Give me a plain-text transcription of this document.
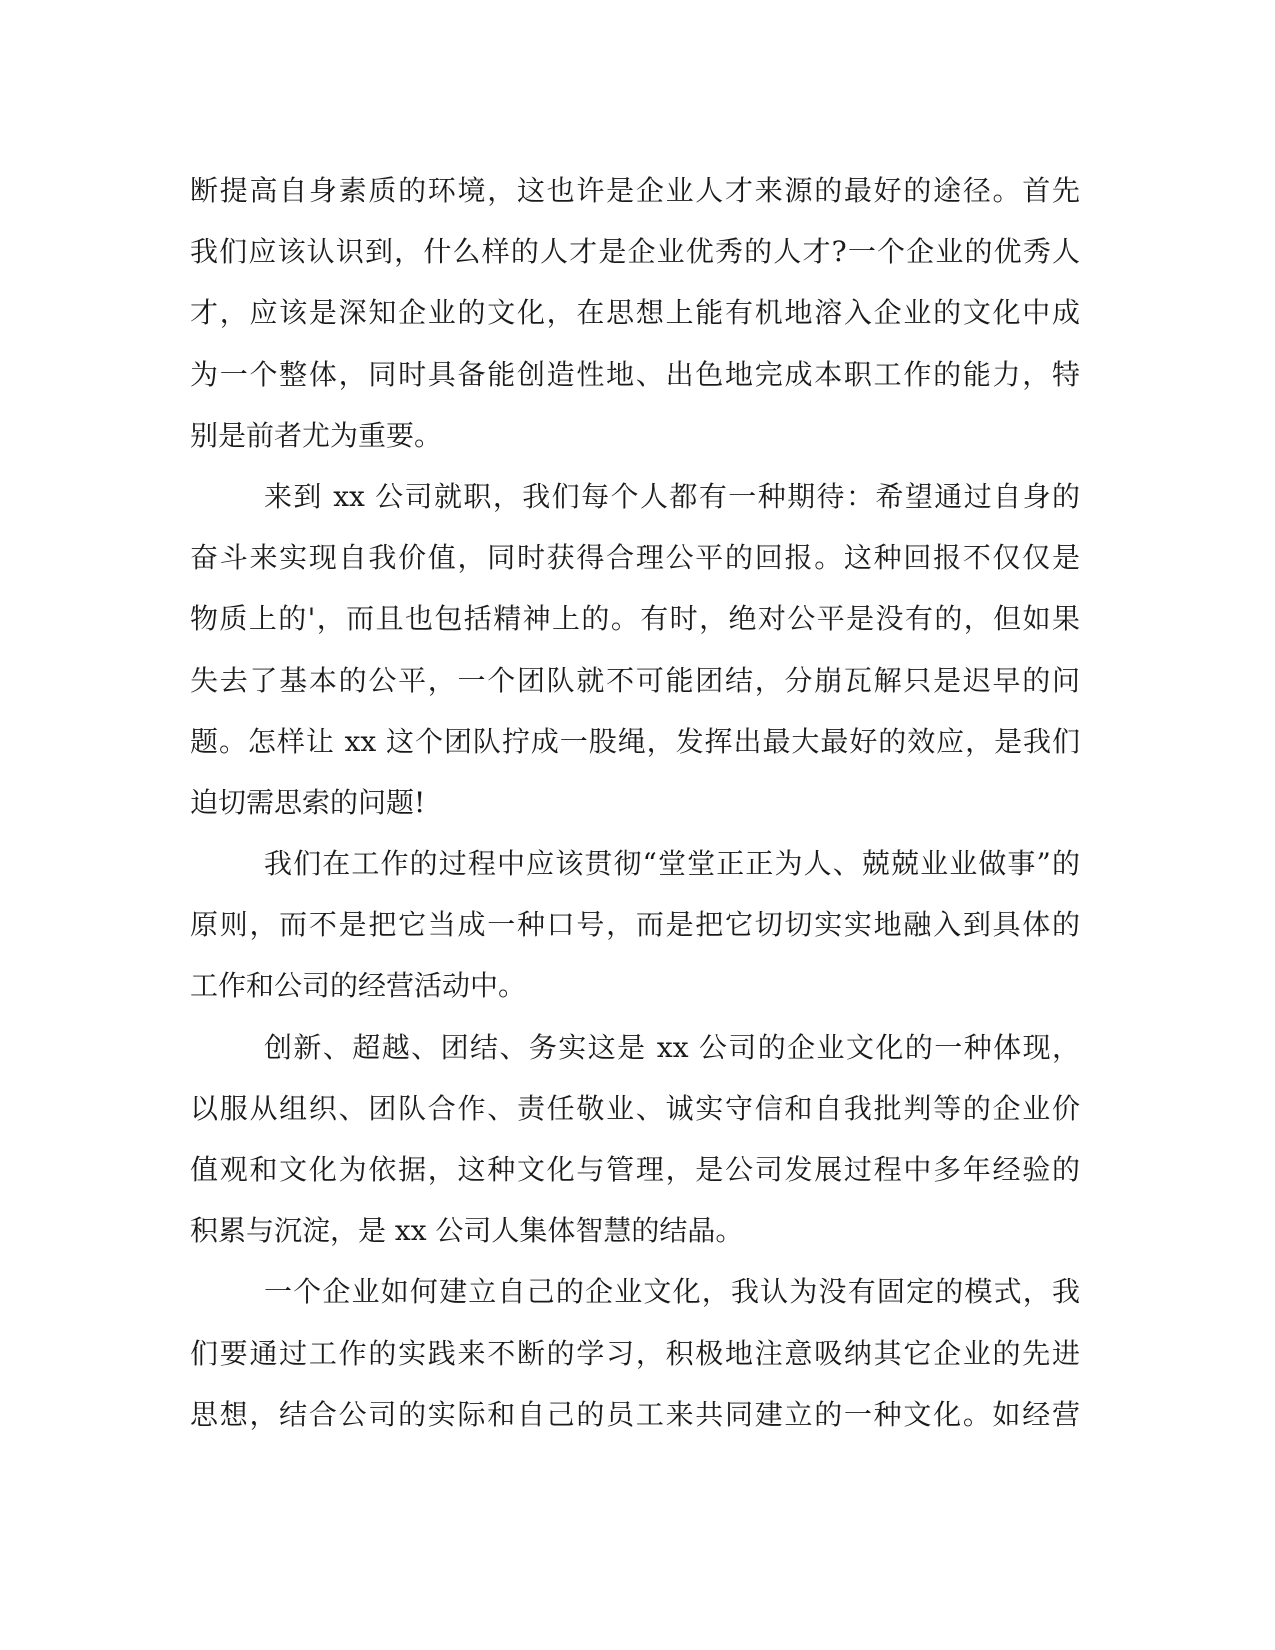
断提高自身素质的环境，这也许是企业人才来源的最好的途径。首先
我们应该认识到，什么样的人才是企业优秀的人才?一个企业的优秀人
才，应该是深知企业的文化，在思想上能有机地溶入企业的文化中成
为一个整体，同时具备能创造性地、出色地完成本职工作的能力，特
别是前者尤为重要。
来到 xx 公司就职，我们每个人都有一种期待：希望通过自身的
奋斗来实现自我价值，同时获得合理公平的回报。这种回报不仅仅是
物质上的'，而且也包括精神上的。有时，绝对公平是没有的，但如果
失去了基本的公平，一个团队就不可能团结，分崩瓦解只是迟早的问
题。怎样让 xx 这个团队拧成一股绳，发挥出最大最好的效应，是我们
迫切需思索的问题!
我们在工作的过程中应该贯彻“堂堂正正为人、兢兢业业做事”的
原则，而不是把它当成一种口号，而是把它切切实实地融入到具体的
工作和公司的经营活动中。
创新、超越、团结、务实这是 xx 公司的企业文化的一种体现，
以服从组织、团队合作、责任敬业、诚实守信和自我批判等的企业价
值观和文化为依据，这种文化与管理，是公司发展过程中多年经验的
积累与沉淀，是 xx 公司人集体智慧的结晶。
一个企业如何建立自己的企业文化，我认为没有固定的模式，我
们要通过工作的实践来不断的学习，积极地注意吸纳其它企业的先进
思想，结合公司的实际和自己的员工来共同建立的一种文化。如经营
